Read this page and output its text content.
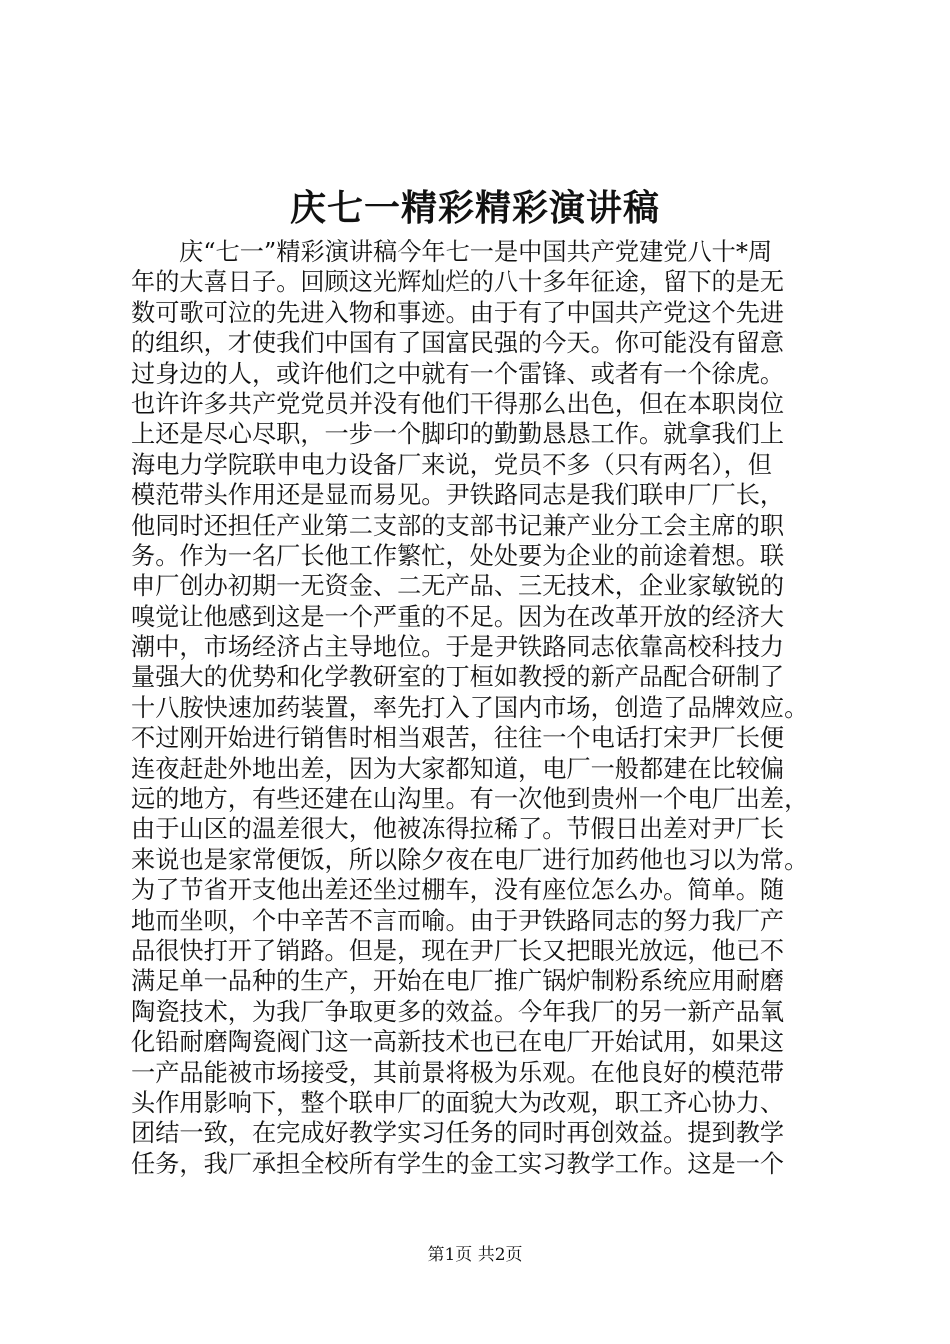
庆七一精彩精彩演讲稿
庆“七一”精彩演讲稿今年七一是中国共产党建党八十*周
年的大喜日子。回顾这光辉灿烂的八十多年征途，留下的是无
数可歌可泣的先进入物和事迹。由于有了中国共产党这个先进
的组织，才使我们中国有了国富民强的今天。你可能没有留意
过身边的人，或许他们之中就有一个雷锋、或者有一个徐虎。
也许许多共产党党员并没有他们干得那么出色，但在本职岗位
上还是尽心尽职，一步一个脚印的勤勤恳恳工作。就拿我们上
海电力学院联申电力设备厂来说，党员不多（只有两名），但
模范带头作用还是显而易见。尹铁路同志是我们联申厂厂长，
他同时还担任产业第二支部的支部书记兼产业分工会主席的职
务。作为一名厂长他工作繁忙，处处要为企业的前途着想。联
申厂创办初期一无资金、二无产品、三无技术，企业家敏锐的
嗅觉让他感到这是一个严重的不足。因为在改革开放的经济大
潮中，市场经济占主导地位。于是尹铁路同志依靠高校科技力
量强大的优势和化学教研室的丁桓如教授的新产品配合研制了
十八胺快速加药装置，率先打入了国内市场，创造了品牌效应。
不过刚开始进行销售时相当艰苦，往往一个电话打宋尹厂长便
连夜赶赴外地出差，因为大家都知道，电厂一般都建在比较偏
远的地方，有些还建在山沟里。有一次他到贵州一个电厂出差，
由于山区的温差很大，他被冻得拉稀了。节假日出差对尹厂长
来说也是家常便饭，所以除夕夜在电厂进行加药他也习以为常。
为了节省开支他出差还坐过棚车，没有座位怎么办。简单。随
地而坐呗，个中辛苦不言而喻。由于尹铁路同志的努力我厂产
品很快打开了销路。但是，现在尹厂长又把眼光放远，他已不
满足单一品种的生产，开始在电厂推广锅炉制粉系统应用耐磨
陶瓷技术，为我厂争取更多的效益。今年我厂的另一新产品氧
化铅耐磨陶瓷阀门这一高新技术也已在电厂开始试用，如果这
一产品能被市场接受，其前景将极为乐观。在他良好的模范带
头作用影响下，整个联申厂的面貌大为改观，职工齐心协力、
团结一致，在完成好教学实习任务的同时再创效益。提到教学
任务，我厂承担全校所有学生的金工实习教学工作。这是一个
第1页 共2页
